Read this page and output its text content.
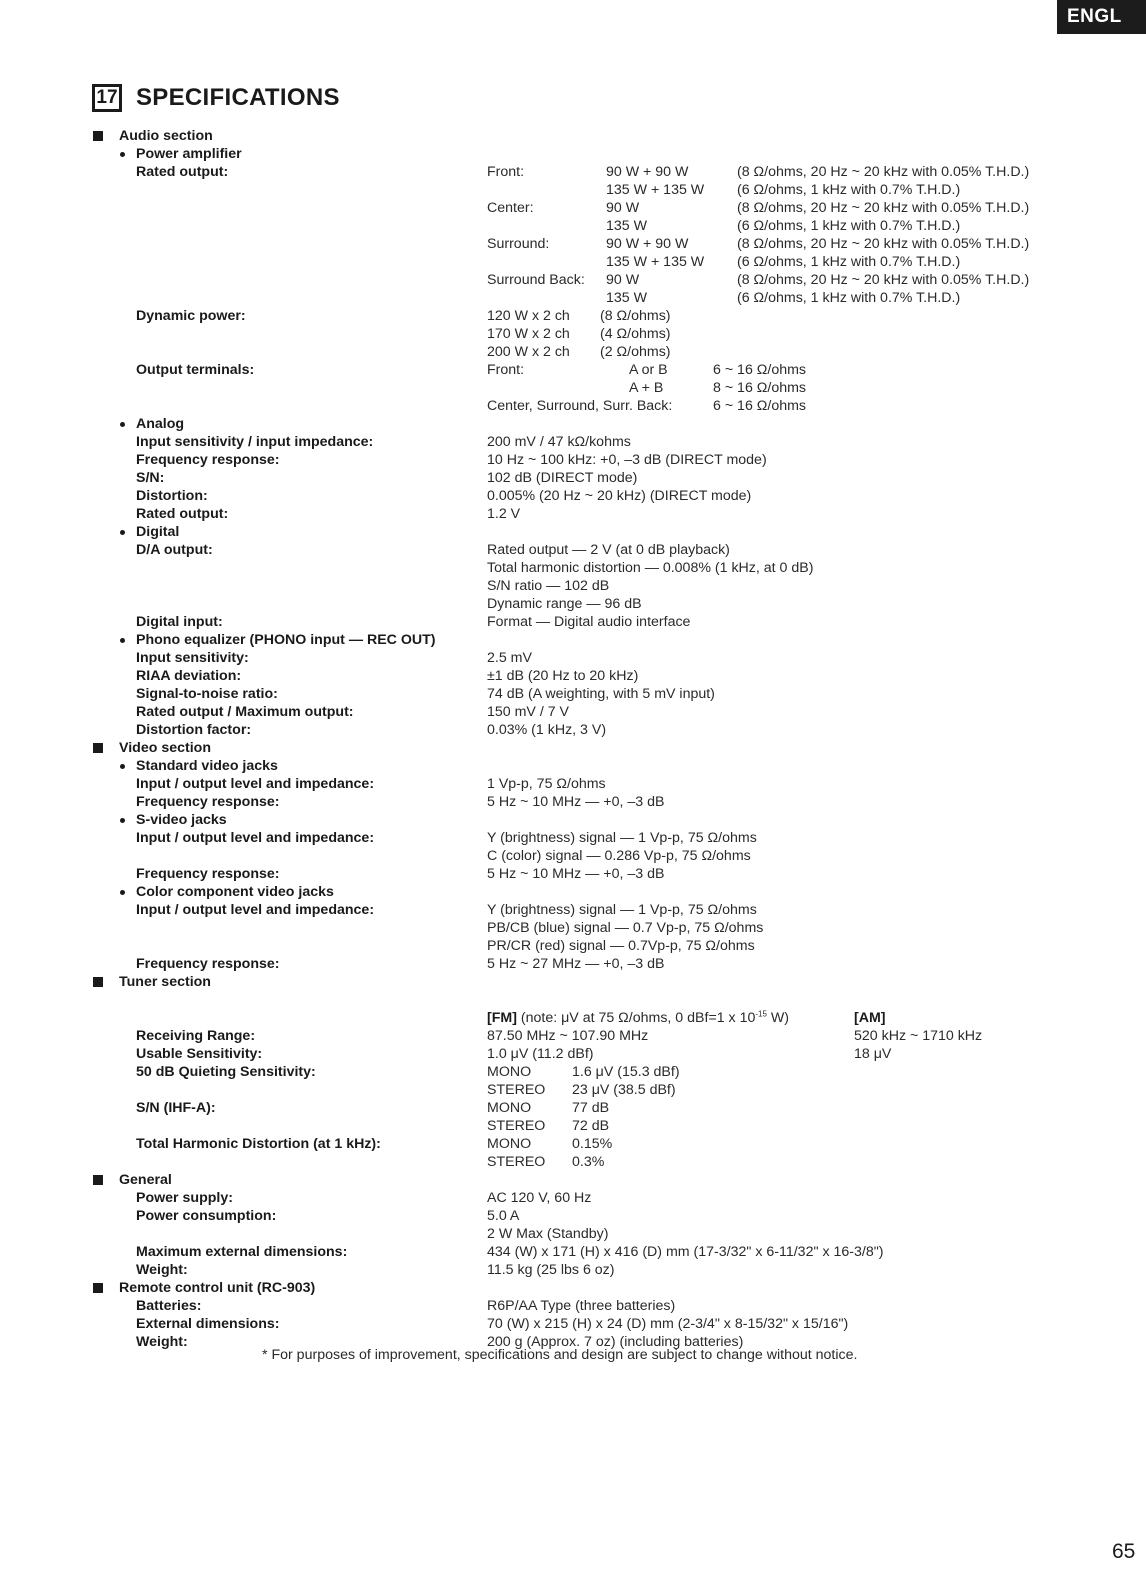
ENGL
17 SPECIFICATIONS
Audio section
Power amplifier
Rated output:	Front:	90 W + 90 W	(8 Ω/ohms, 20 Hz ~ 20 kHz with 0.05% T.H.D.)
135 W + 135 W (6 Ω/ohms, 1 kHz with 0.7% T.H.D.)
Center:	90 W	(8 Ω/ohms, 20 Hz ~ 20 kHz with 0.05% T.H.D.)
135 W	(6 Ω/ohms, 1 kHz with 0.7% T.H.D.)
Surround:	90 W + 90 W	(8 Ω/ohms, 20 Hz ~ 20 kHz with 0.05% T.H.D.)
135 W + 135 W (6 Ω/ohms, 1 kHz with 0.7% T.H.D.)
Surround Back: 90 W	(8 Ω/ohms, 20 Hz ~ 20 kHz with 0.05% T.H.D.)
135 W	(6 Ω/ohms, 1 kHz with 0.7% T.H.D.)
Dynamic power:	120 W x 2 ch (8 Ω/ohms)
170 W x 2 ch (4 Ω/ohms)
200 W x 2 ch (2 Ω/ohms)
Output terminals:	Front:	A or B	6 ~ 16 Ω/ohms
A + B	8 ~ 16 Ω/ohms
Center, Surround, Surr. Back:	6 ~ 16 Ω/ohms
Analog
Input sensitivity / input impedance:	200 mV / 47 kΩ/kohms
Frequency response:	10 Hz ~ 100 kHz: +0, –3 dB (DIRECT mode)
S/N:	102 dB (DIRECT mode)
Distortion:	0.005% (20 Hz ~ 20 kHz) (DIRECT mode)
Rated output:	1.2 V
Digital
D/A output:	Rated output — 2 V (at 0 dB playback)
Total harmonic distortion — 0.008% (1 kHz, at 0 dB)
S/N ratio — 102 dB
Dynamic range — 96 dB
Digital input:	Format — Digital audio interface
Phono equalizer (PHONO input — REC OUT)
Input sensitivity:	2.5 mV
RIAA deviation:	±1 dB (20 Hz to 20 kHz)
Signal-to-noise ratio:	74 dB (A weighting, with 5 mV input)
Rated output / Maximum output:	150 mV / 7 V
Distortion factor:	0.03% (1 kHz, 3 V)
Video section
Standard video jacks
Input / output level and impedance:	1 Vp-p, 75 Ω/ohms
Frequency response:	5 Hz ~ 10 MHz — +0, –3 dB
S-video jacks
Input / output level and impedance:	Y (brightness) signal — 1 Vp-p, 75 Ω/ohms
C (color) signal — 0.286 Vp-p, 75 Ω/ohms
Frequency response:	5 Hz ~ 10 MHz — +0, –3 dB
Color component video jacks
Input / output level and impedance:	Y (brightness) signal — 1 Vp-p, 75 Ω/ohms
PB/CB (blue) signal — 0.7 Vp-p, 75 Ω/ohms
PR/CR (red) signal — 0.7Vp-p, 75 Ω/ohms
Frequency response:	5 Hz ~ 27 MHz — +0, –3 dB
Tuner section
[FM] (note: μV at 75 Ω/ohms, 0 dBf=1 x $10^{-15}$ W)	[AM]
Receiving Range:	87.50 MHz ~ 107.90 MHz	520 kHz ~ 1710 kHz
Usable Sensitivity:	1.0 μV (11.2 dBf)	18 μV
50 dB Quieting Sensitivity:	MONO	1.6 μV (15.3 dBf)
STEREO 23 μV (38.5 dBf)
S/N (IHF-A):	MONO	77 dB
STEREO 72 dB
Total Harmonic Distortion (at 1 kHz):	MONO	0.15%
STEREO 0.3%
General
Power supply:	AC 120 V, 60 Hz
Power consumption:	5.0 A
2 W Max (Standby)
Maximum external dimensions:	434 (W) x 171 (H) x 416 (D) mm (17-3/32" x 6-11/32" x 16-3/8")
Weight:	11.5 kg (25 lbs 6 oz)
Remote control unit (RC-903)
Batteries:	R6P/AA Type (three batteries)
External dimensions:	70 (W) x 215 (H) x 24 (D) mm (2-3/4" x 8-15/32" x 15/16")
Weight:	200 g (Approx. 7 oz) (including batteries)
* For purposes of improvement, specifications and design are subject to change without notice.
65
